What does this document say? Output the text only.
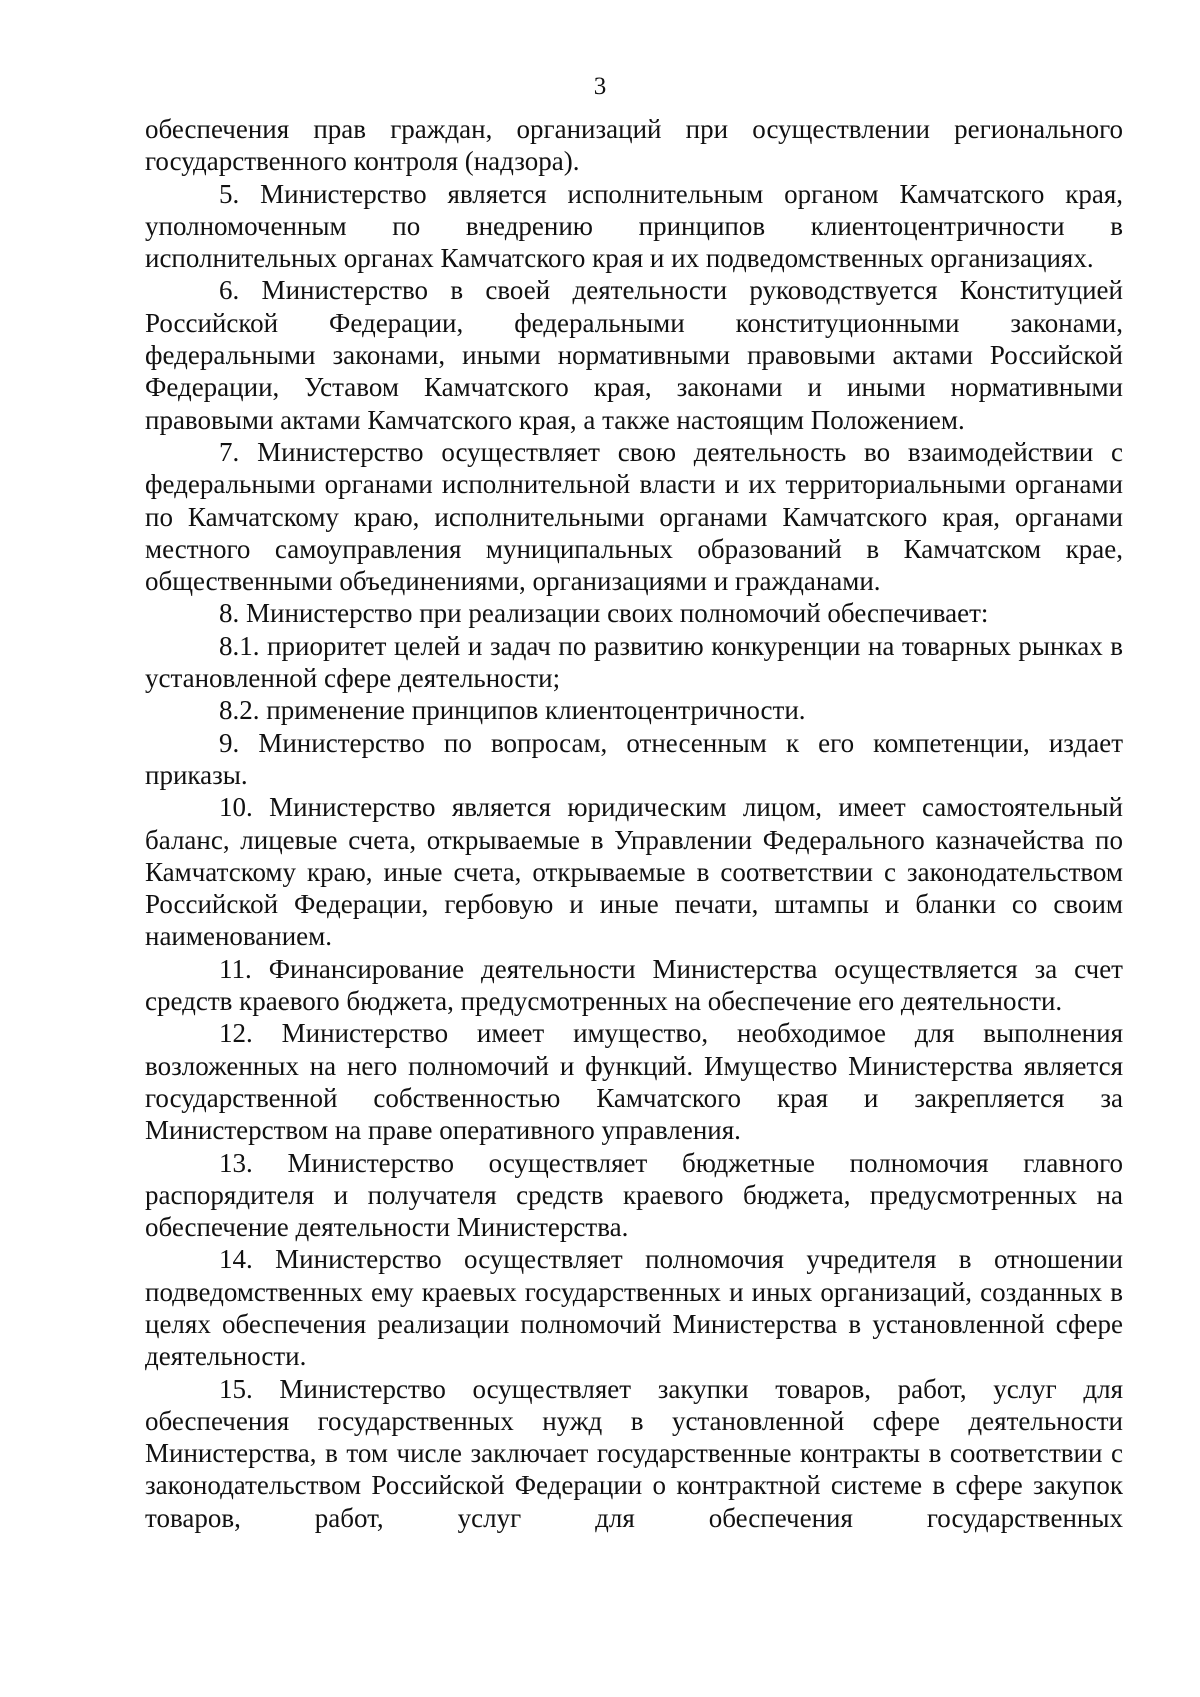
3

обеспечения прав граждан, организаций при осуществлении регионального государственного контроля (надзора).

5. Министерство является исполнительным органом Камчатского края, уполномоченным по внедрению принципов клиентоцентричности в исполнительных органах Камчатского края и их подведомственных организациях.

6. Министерство в своей деятельности руководствуется Конституцией Российской Федерации, федеральными конституционными законами, федеральными законами, иными нормативными правовыми актами Российской Федерации, Уставом Камчатского края, законами и иными нормативными правовыми актами Камчатского края, а также настоящим Положением.

7. Министерство осуществляет свою деятельность во взаимодействии с федеральными органами исполнительной власти и их территориальными органами по Камчатскому краю, исполнительными органами Камчатского края, органами местного самоуправления муниципальных образований в Камчатском крае, общественными объединениями, организациями и гражданами.

8. Министерство при реализации своих полномочий обеспечивает:

8.1. приоритет целей и задач по развитию конкуренции на товарных рынках в установленной сфере деятельности;

8.2. применение принципов клиентоцентричности.

9. Министерство по вопросам, отнесенным к его компетенции, издает приказы.

10. Министерство является юридическим лицом, имеет самостоятельный баланс, лицевые счета, открываемые в Управлении Федерального казначейства по Камчатскому краю, иные счета, открываемые в соответствии с законодательством Российской Федерации, гербовую и иные печати, штампы и бланки со своим наименованием.

11. Финансирование деятельности Министерства осуществляется за счет средств краевого бюджета, предусмотренных на обеспечение его деятельности.

12. Министерство имеет имущество, необходимое для выполнения возложенных на него полномочий и функций. Имущество Министерства является государственной собственностью Камчатского края и закрепляется за Министерством на праве оперативного управления.

13. Министерство осуществляет бюджетные полномочия главного распорядителя и получателя средств краевого бюджета, предусмотренных на обеспечение деятельности Министерства.

14. Министерство осуществляет полномочия учредителя в отношении подведомственных ему краевых государственных и иных организаций, созданных в целях обеспечения реализации полномочий Министерства в установленной сфере деятельности.

15. Министерство осуществляет закупки товаров, работ, услуг для обеспечения государственных нужд в установленной сфере деятельности Министерства, в том числе заключает государственные контракты в соответствии с законодательством Российской Федерации о контрактной системе в сфере закупок товаров, работ, услуг для обеспечения государственных
